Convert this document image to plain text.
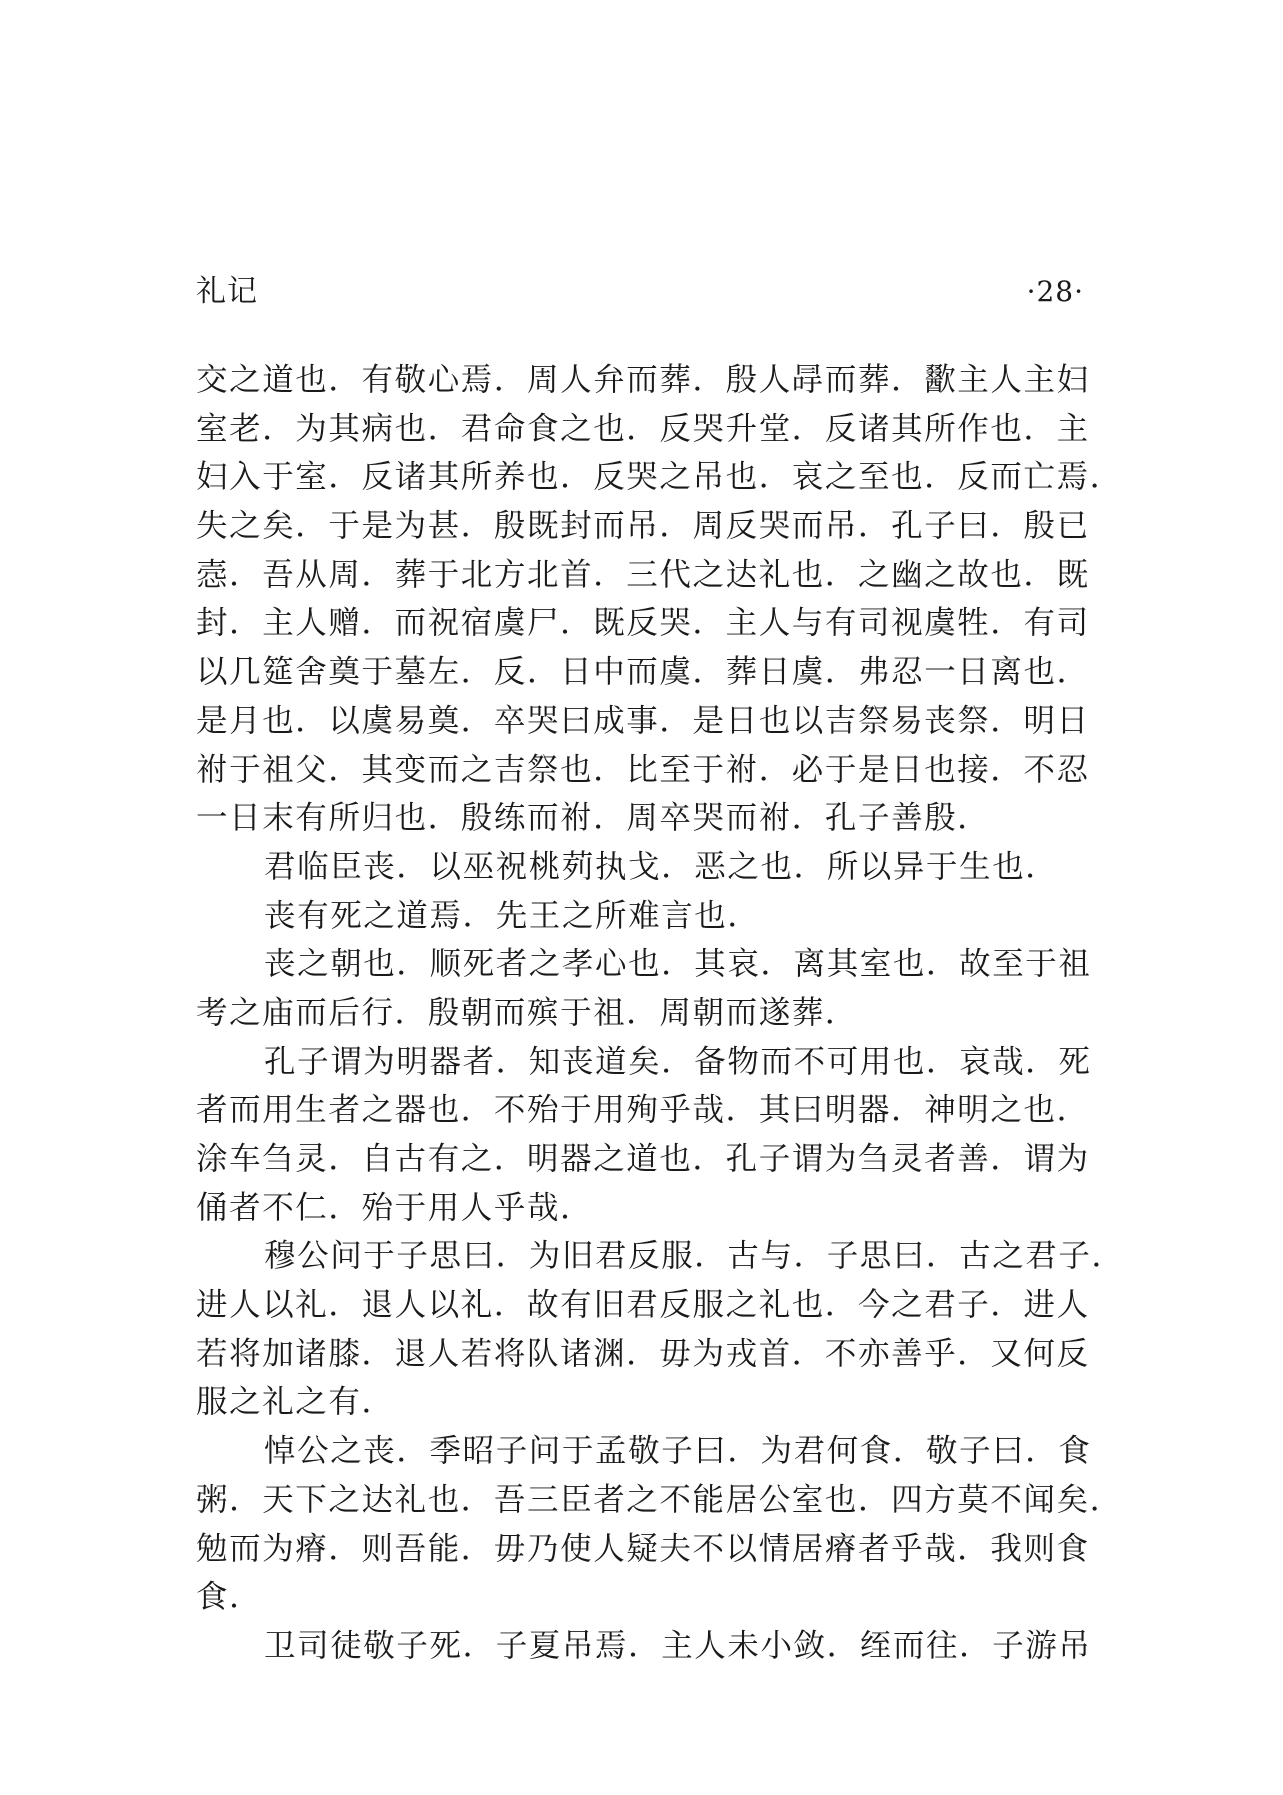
礼记	·28·
交之道也．有敬心焉．周人弁而葬．殷人冔而葬．歠主人主妇
室老．为其病也．君命食之也．反哭升堂．反诸其所作也．主
妇入于室．反诸其所养也．反哭之吊也．哀之至也．反而亡焉．
失之矣．于是为甚．殷既封而吊．周反哭而吊．孔子曰．殷已
悫．吾从周．葬于北方北首．三代之达礼也．之幽之故也．既
封．主人赠．而祝宿虞尸．既反哭．主人与有司视虞牲．有司
以几筵舍奠于墓左．反．日中而虞．葬日虞．弗忍一日离也．
是月也．以虞易奠．卒哭曰成事．是日也以吉祭易丧祭．明日
祔于祖父．其变而之吉祭也．比至于祔．必于是日也接．不忍
一日末有所归也．殷练而祔．周卒哭而祔．孔子善殷．
君临臣丧．以巫祝桃茢执戈．恶之也．所以异于生也．
丧有死之道焉．先王之所难言也．
丧之朝也．顺死者之孝心也．其哀．离其室也．故至于祖
考之庙而后行．殷朝而殡于祖．周朝而遂葬．
孔子谓为明器者．知丧道矣．备物而不可用也．哀哉．死
者而用生者之器也．不殆于用殉乎哉．其曰明器．神明之也．
涂车刍灵．自古有之．明器之道也．孔子谓为刍灵者善．谓为
俑者不仁．殆于用人乎哉．
穆公问于子思曰．为旧君反服．古与．子思曰．古之君子．
进人以礼．退人以礼．故有旧君反服之礼也．今之君子．进人
若将加诸膝．退人若将队诸渊．毋为戎首．不亦善乎．又何反
服之礼之有．
悼公之丧．季昭子问于孟敬子曰．为君何食．敬子曰．食
粥．天下之达礼也．吾三臣者之不能居公室也．四方莫不闻矣．
勉而为瘠．则吾能．毋乃使人疑夫不以情居瘠者乎哉．我则食
食．
卫司徒敬子死．子夏吊焉．主人未小敛．绖而往．子游吊
